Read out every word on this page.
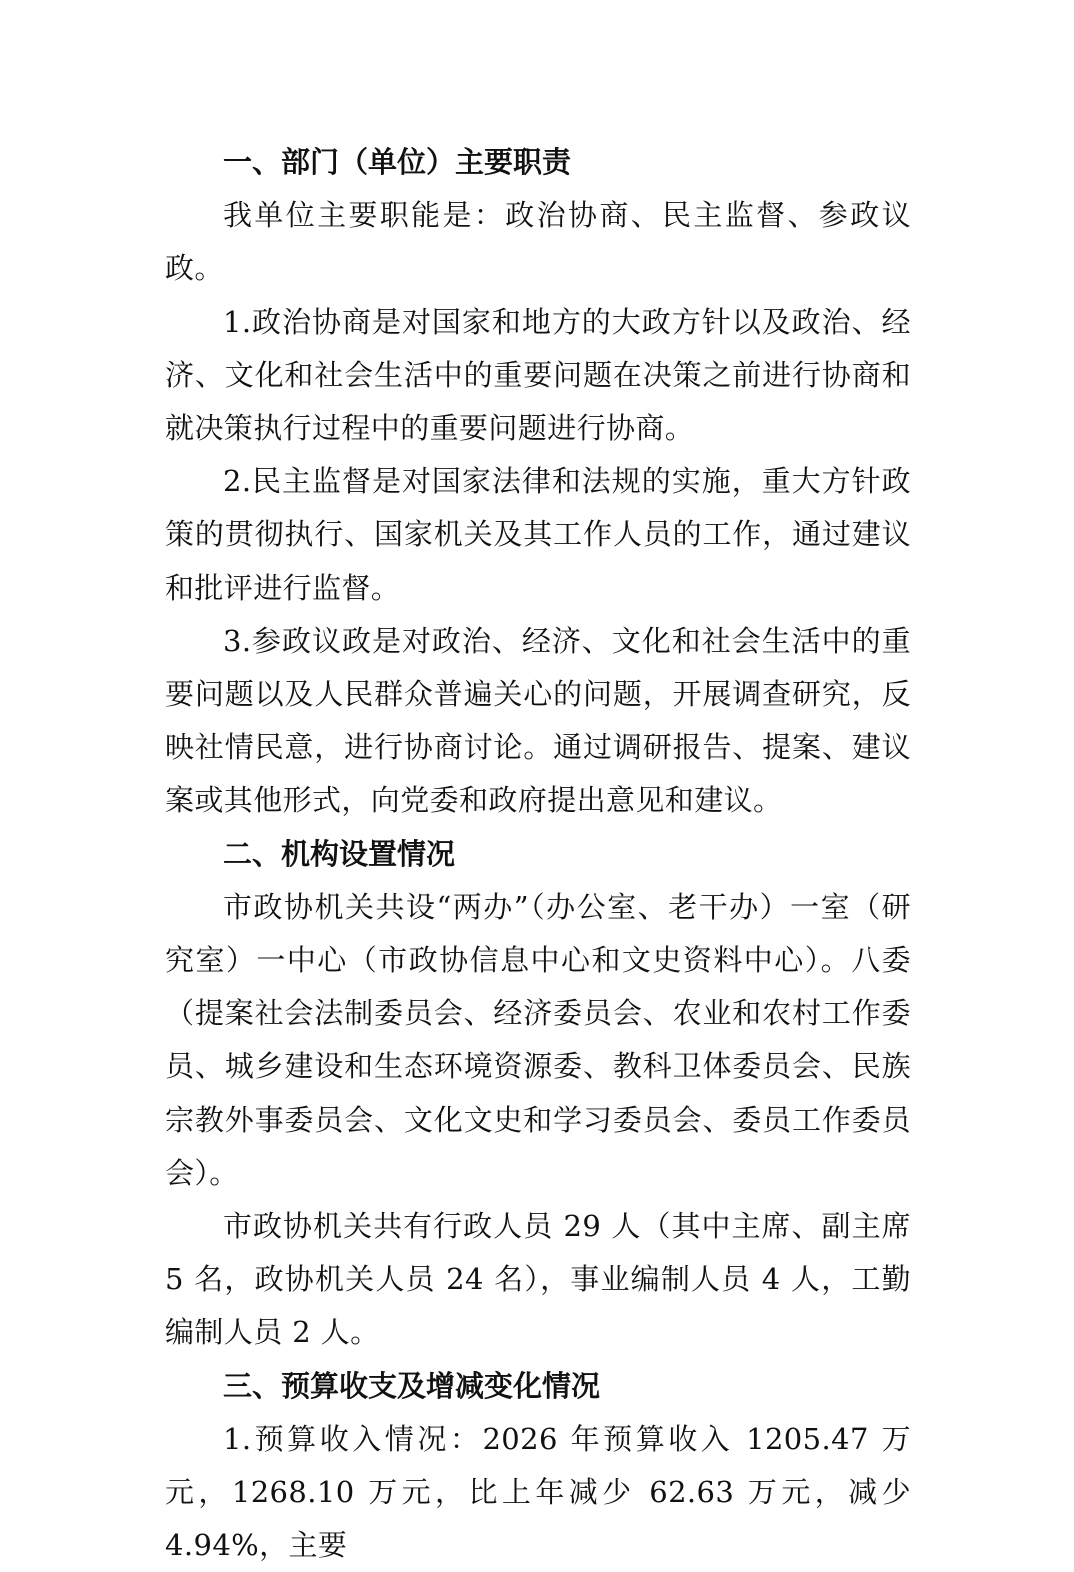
一、部门（单位）主要职责

我单位主要职能是：政治协商、民主监督、参政议政。

1.政治协商是对国家和地方的大政方针以及政治、经济、文化和社会生活中的重要问题在决策之前进行协商和就决策执行过程中的重要问题进行协商。

2.民主监督是对国家法律和法规的实施，重大方针政策的贯彻执行、国家机关及其工作人员的工作，通过建议和批评进行监督。

3.参政议政是对政治、经济、文化和社会生活中的重要问题以及人民群众普遍关心的问题，开展调查研究，反映社情民意，进行协商讨论。通过调研报告、提案、建议案或其他形式，向党委和政府提出意见和建议。

二、机构设置情况

市政协机关共设“两办”（办公室、老干办）一室（研究室）一中心（市政协信息中心和文史资料中心）。八委（提案社会法制委员会、经济委员会、农业和农村工作委员、城乡建设和生态环境资源委、教科卫体委员会、民族宗教外事委员会、文化文史和学习委员会、委员工作委员会）。

市政协机关共有行政人员 29 人（其中主席、副主席 5 名，政协机关人员 24 名），事业编制人员 4 人，工勤编制人员 2 人。

三、预算收支及增减变化情况

1.预算收入情况：2026 年预算收入 1205.47 万元，1268.10 万元，比上年减少 62.63 万元，减少 4.94%，主要
